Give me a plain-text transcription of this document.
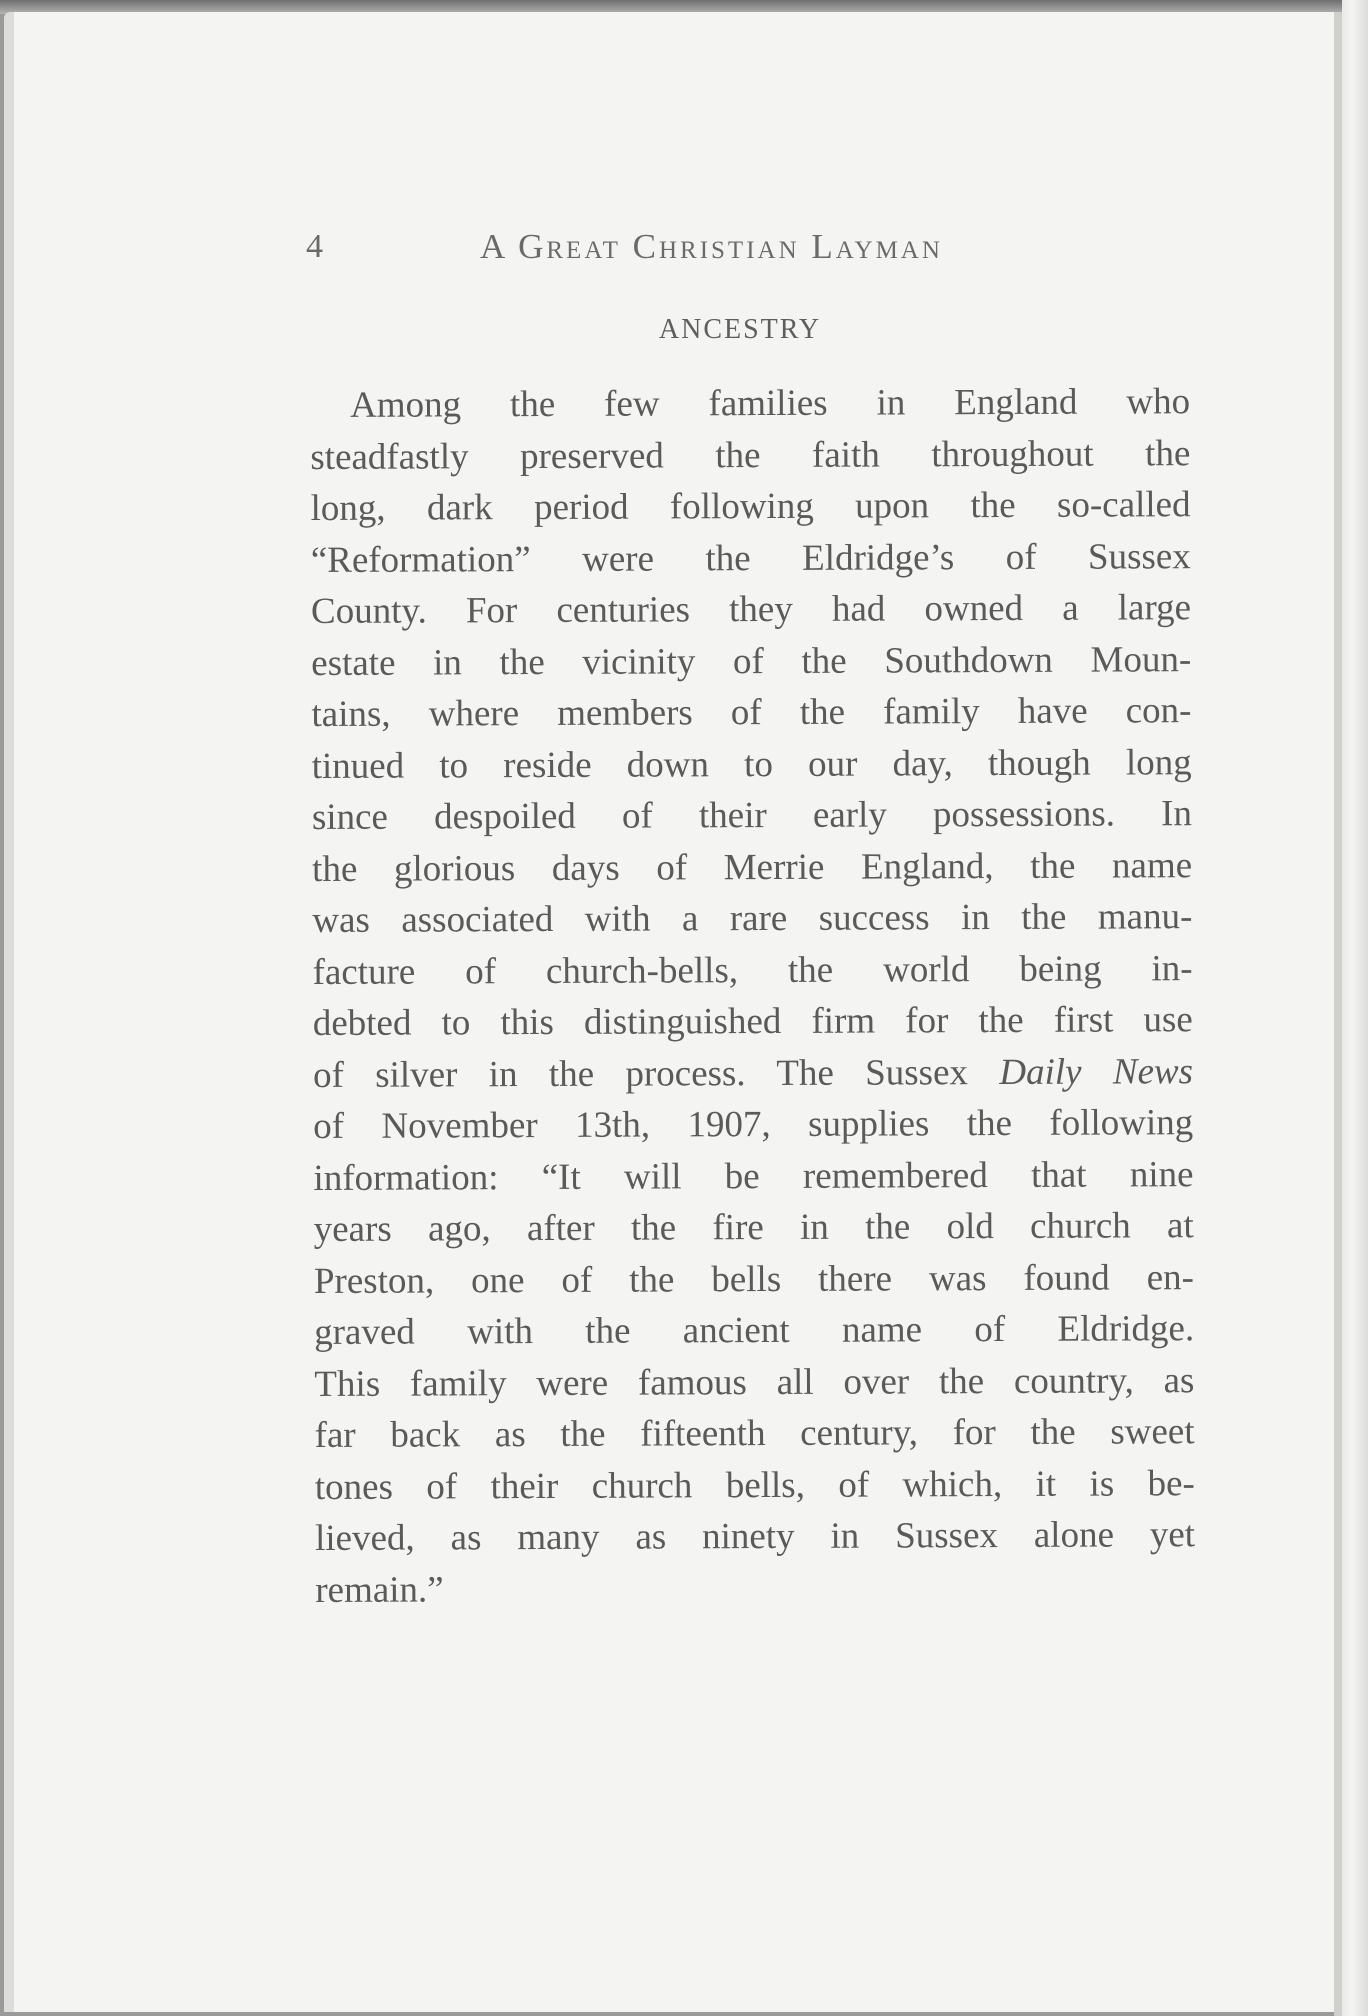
4	A Great Christian Layman
ANCESTRY
Among the few families in England who
steadfastly preserved the faith throughout the
long, dark period following upon the so-called
“Reformation” were the Eldridge’s of Sussex
County. For centuries they had owned a large
estate in the vicinity of the Southdown Moun-
tains, where members of the family have con-
tinued to reside down to our day, though long
since despoiled of their early possessions. In
the glorious days of Merrie England, the name
was associated with a rare success in the manu-
facture of church-bells, the world being in-
debted to this distinguished firm for the first use
of silver in the process. The Sussex Daily News
of November 13th, 1907, supplies the following
information: “It will be remembered that nine
years ago, after the fire in the old church at
Preston, one of the bells there was found en-
graved with the ancient name of Eldridge.
This family were famous all over the country, as
far back as the fifteenth century, for the sweet
tones of their church bells, of which, it is be-
lieved, as many as ninety in Sussex alone yet
remain.”
